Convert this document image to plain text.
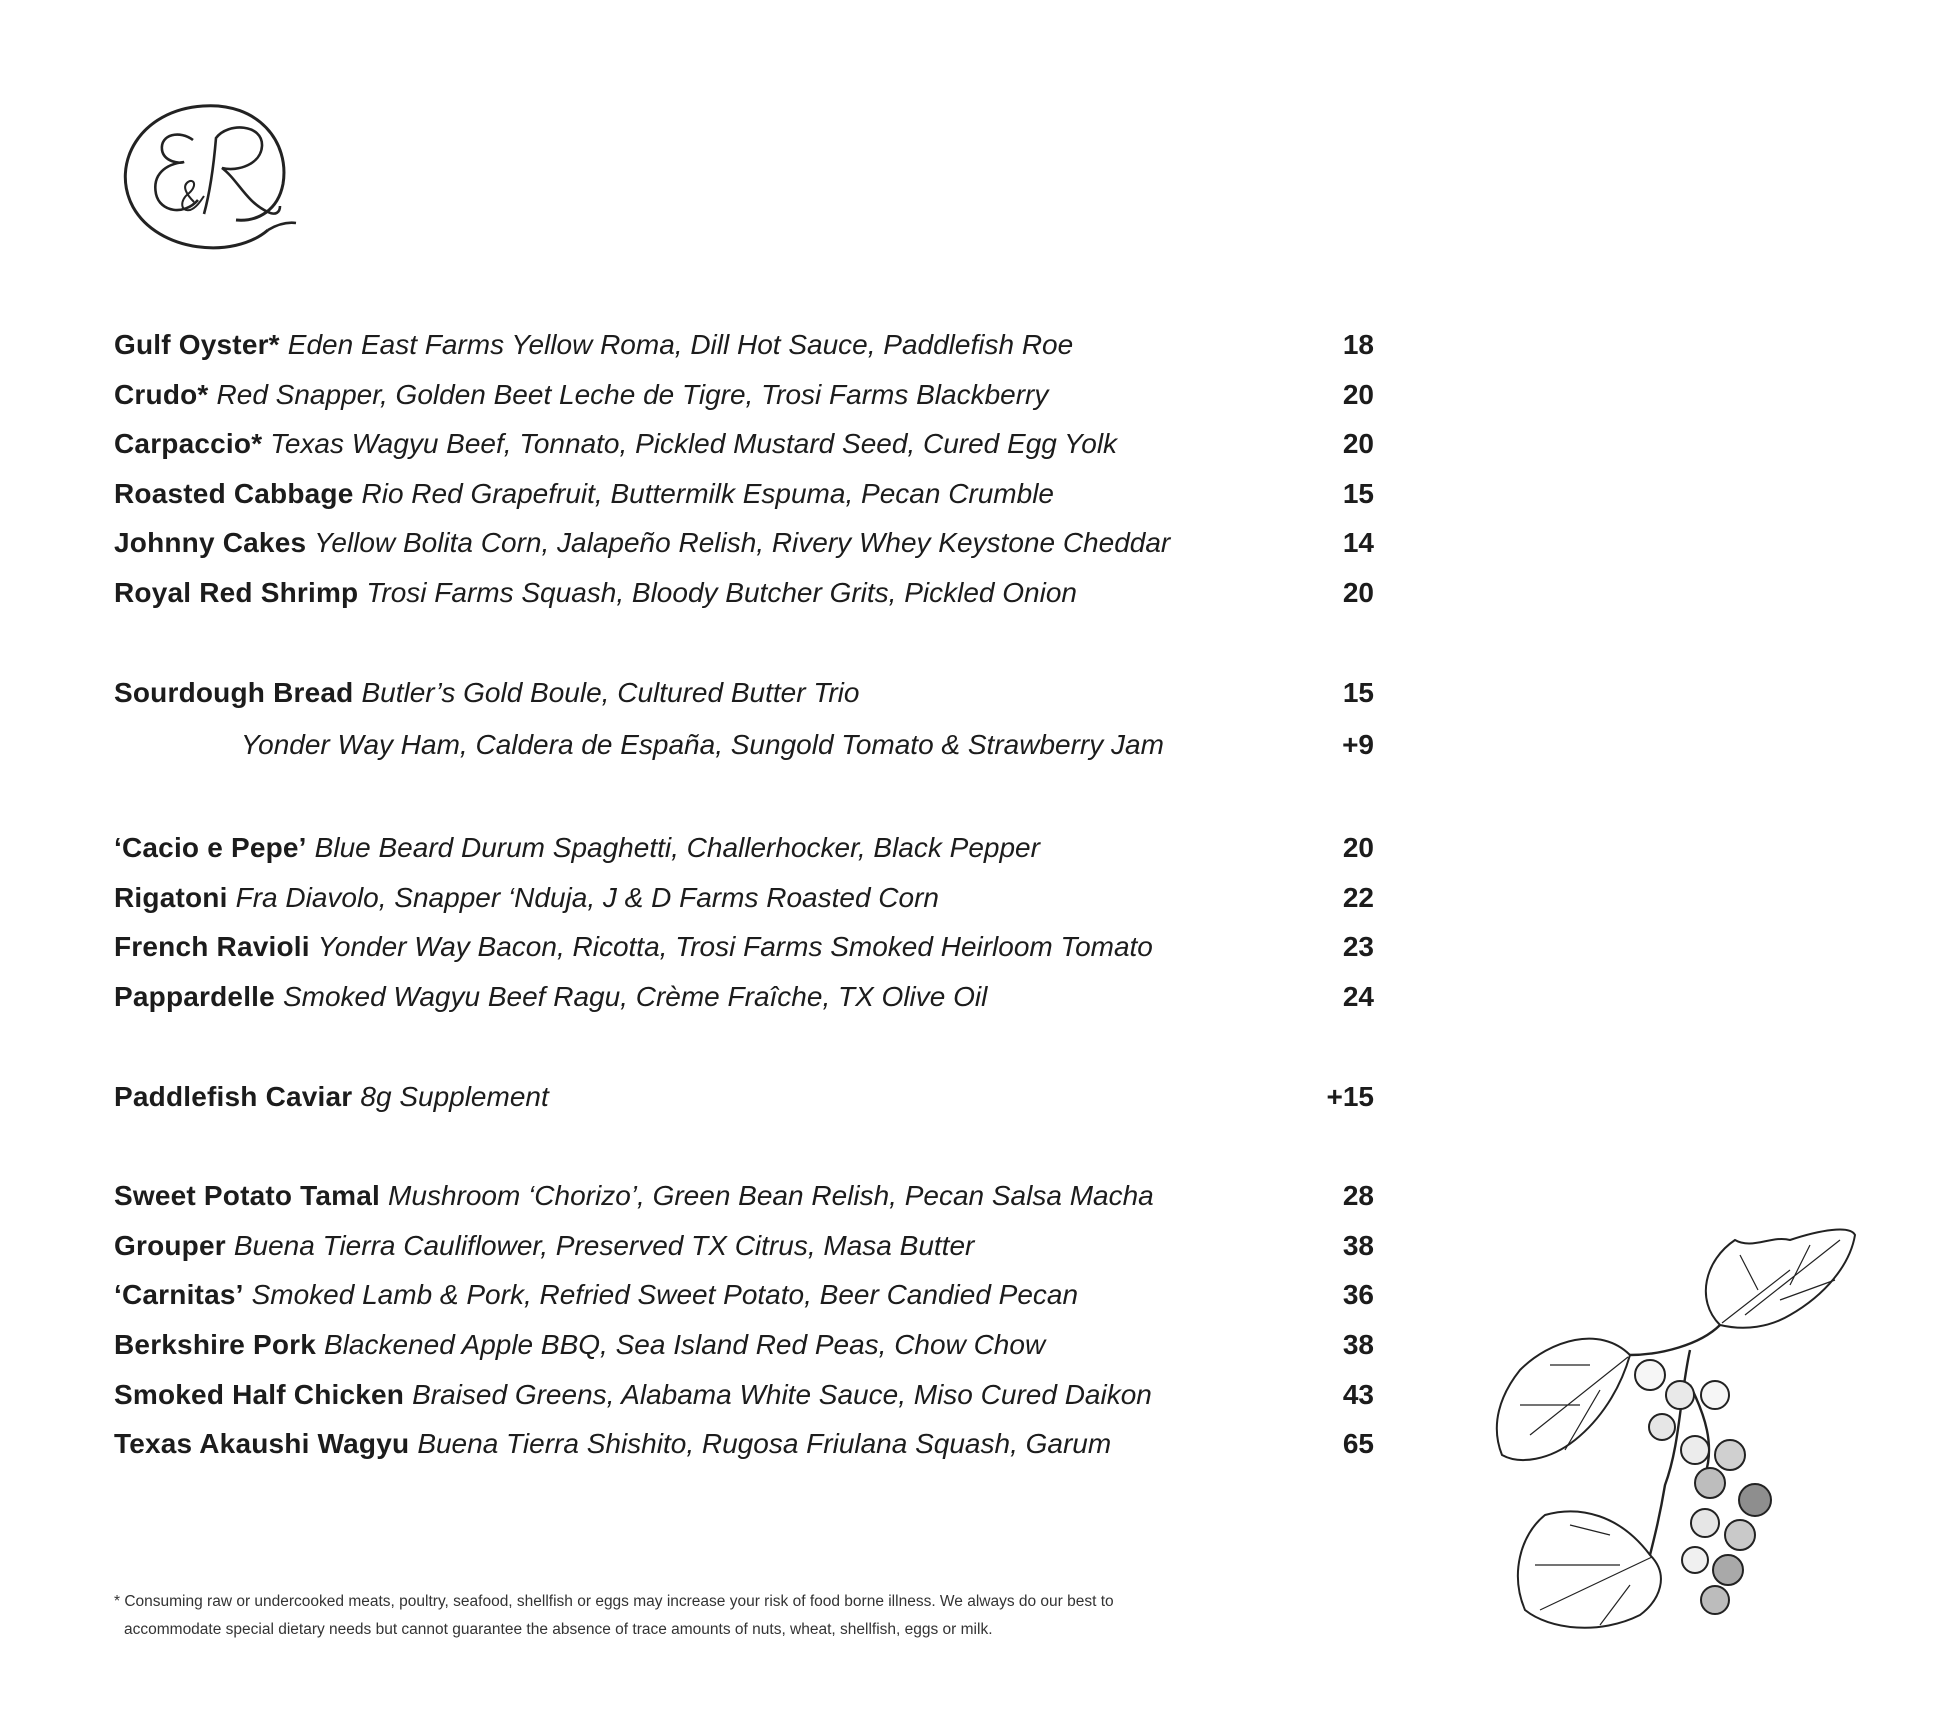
Gulf Oyster* Eden East Farms Yellow Roma, Dill Hot Sauce, Paddlefish Roe	18
Crudo* Red Snapper, Golden Beet Leche de Tigre, Trosi Farms Blackberry	20
Carpaccio* Texas Wagyu Beef, Tonnato, Pickled Mustard Seed, Cured Egg Yolk	20
Roasted Cabbage Rio Red Grapefruit, Buttermilk Espuma, Pecan Crumble	15
Johnny Cakes Yellow Bolita Corn, Jalapeño Relish, Rivery Whey Keystone Cheddar	14
Royal Red Shrimp Trosi Farms Squash, Bloody Butcher Grits, Pickled Onion	20
Sourdough Bread Butler’s Gold Boule, Cultured Butter Trio	15
Yonder Way Ham, Caldera de España, Sungold Tomato & Strawberry Jam	+9
‘Cacio e Pepe’ Blue Beard Durum Spaghetti, Challerhocker, Black Pepper	20
Rigatoni Fra Diavolo, Snapper ‘Nduja, J & D Farms Roasted Corn	22
French Ravioli Yonder Way Bacon, Ricotta, Trosi Farms Smoked Heirloom Tomato	23
Pappardelle Smoked Wagyu Beef Ragu, Crème Fraîche, TX Olive Oil	24
Paddlefish Caviar 8g Supplement	+15
Sweet Potato Tamal Mushroom ‘Chorizo’, Green Bean Relish, Pecan Salsa Macha	28
Grouper Buena Tierra Cauliflower, Preserved TX Citrus, Masa Butter	38
‘Carnitas’ Smoked Lamb & Pork, Refried Sweet Potato, Beer Candied Pecan	36
Berkshire Pork Blackened Apple BBQ, Sea Island Red Peas, Chow Chow	38
Smoked Half Chicken Braised Greens, Alabama White Sauce, Miso Cured Daikon	43
Texas Akaushi Wagyu Buena Tierra Shishito, Rugosa Friulana Squash, Garum	65

* Consuming raw or undercooked meats, poultry, seafood, shellfish or eggs may increase your risk of food borne illness. We always do our best to

accommodate special dietary needs but cannot guarantee the absence of trace amounts of nuts, wheat, shellfish, eggs or milk.
